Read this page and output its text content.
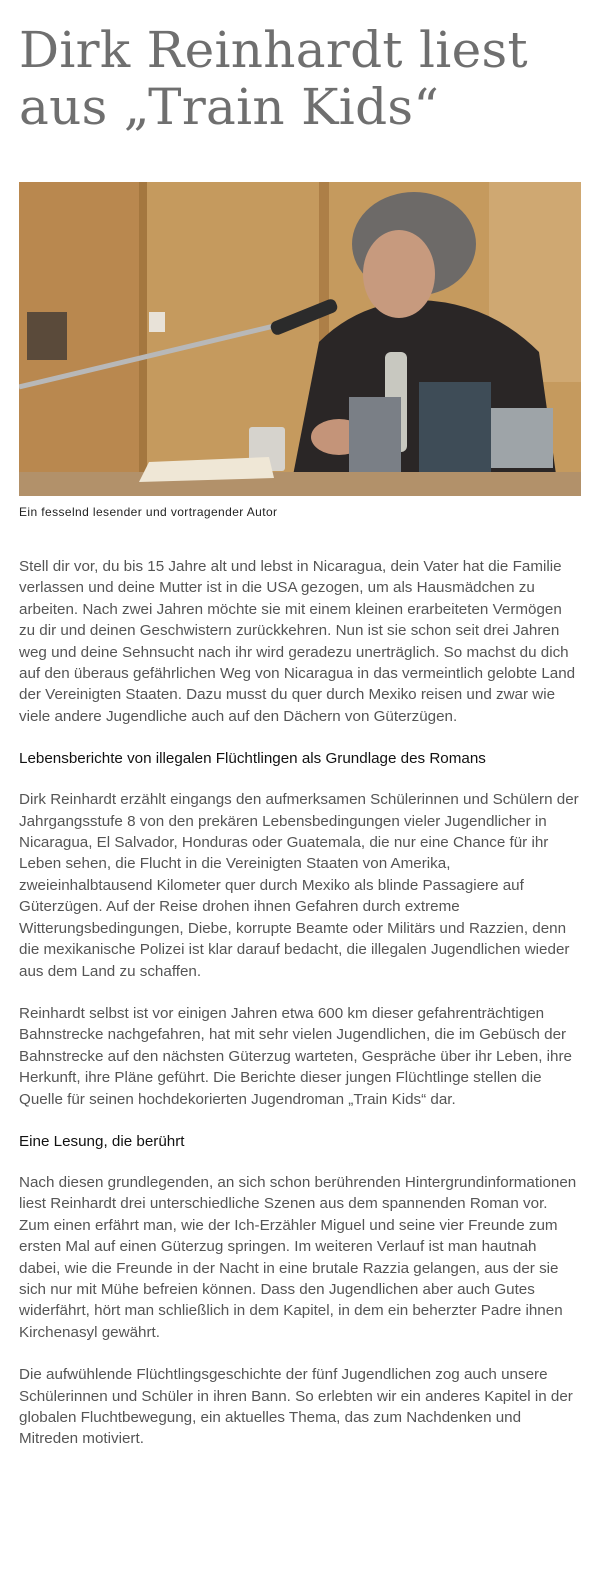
Dirk Reinhardt liest aus „Train Kids“
Ein fesselnd lesender und vortragender Autor

Stell dir vor, du bis 15 Jahre alt und lebst in Nicaragua, dein Vater hat die Familie verlassen und deine Mutter ist in die USA gezogen, um als Hausmädchen zu arbeiten. Nach zwei Jahren möchte sie mit einem kleinen erarbeiteten Vermögen zu dir und deinen Geschwistern zurückkehren. Nun ist sie schon seit drei Jahren weg und deine Sehnsucht nach ihr wird geradezu unerträglich. So machst du dich auf den überaus gefährlichen Weg von Nicaragua in das vermeintlich gelobte Land der Vereinigten Staaten. Dazu musst du quer durch Mexiko reisen und zwar wie viele andere Jugendliche auch auf den Dächern von Güterzügen.

Lebensberichte von illegalen Flüchtlingen als Grundlage des Romans

Dirk Reinhardt erzählt eingangs den aufmerksamen Schülerinnen und Schülern der Jahrgangsstufe 8 von den prekären Lebensbedingungen vieler Jugendlicher in Nicaragua, El Salvador, Honduras oder Guatemala, die nur eine Chance für ihr Leben sehen, die Flucht in die Vereinigten Staaten von Amerika, zweieinhalbtausend Kilometer quer durch Mexiko als blinde Passagiere auf Güterzügen. Auf der Reise drohen ihnen Gefahren durch extreme Witterungsbedingungen, Diebe, korrupte Beamte oder Militärs und Razzien, denn die mexikanische Polizei ist klar darauf bedacht, die illegalen Jugendlichen wieder aus dem Land zu schaffen.

Reinhardt selbst ist vor einigen Jahren etwa 600 km dieser gefahrenträchtigen Bahnstrecke nachgefahren, hat mit sehr vielen Jugendlichen, die im Gebüsch der Bahnstrecke auf den nächsten Güterzug warteten, Gespräche über ihr Leben, ihre Herkunft, ihre Pläne geführt. Die Berichte dieser jungen Flüchtlinge stellen die Quelle für seinen hochdekorierten Jugendroman „Train Kids“ dar.

Eine Lesung, die berührt

Nach diesen grundlegenden, an sich schon berührenden Hintergrundinformationen liest Reinhardt drei unterschiedliche Szenen aus dem spannenden Roman vor. Zum einen erfährt man, wie der Ich-Erzähler Miguel und seine vier Freunde zum ersten Mal auf einen Güterzug springen. Im weiteren Verlauf ist man hautnah dabei, wie die Freunde in der Nacht in eine brutale Razzia gelangen, aus der sie sich nur mit Mühe befreien können. Dass den Jugendlichen aber auch Gutes widerfährt, hört man schließlich in dem Kapitel, in dem ein beherzter Padre ihnen Kirchenasyl gewährt.

Die aufwühlende Flüchtlingsgeschichte der fünf Jugendlichen zog auch unsere Schülerinnen und Schüler in ihren Bann. So erlebten wir ein anderes Kapitel in der globalen Fluchtbewegung, ein aktuelles Thema, das zum Nachdenken und Mitreden motiviert.
